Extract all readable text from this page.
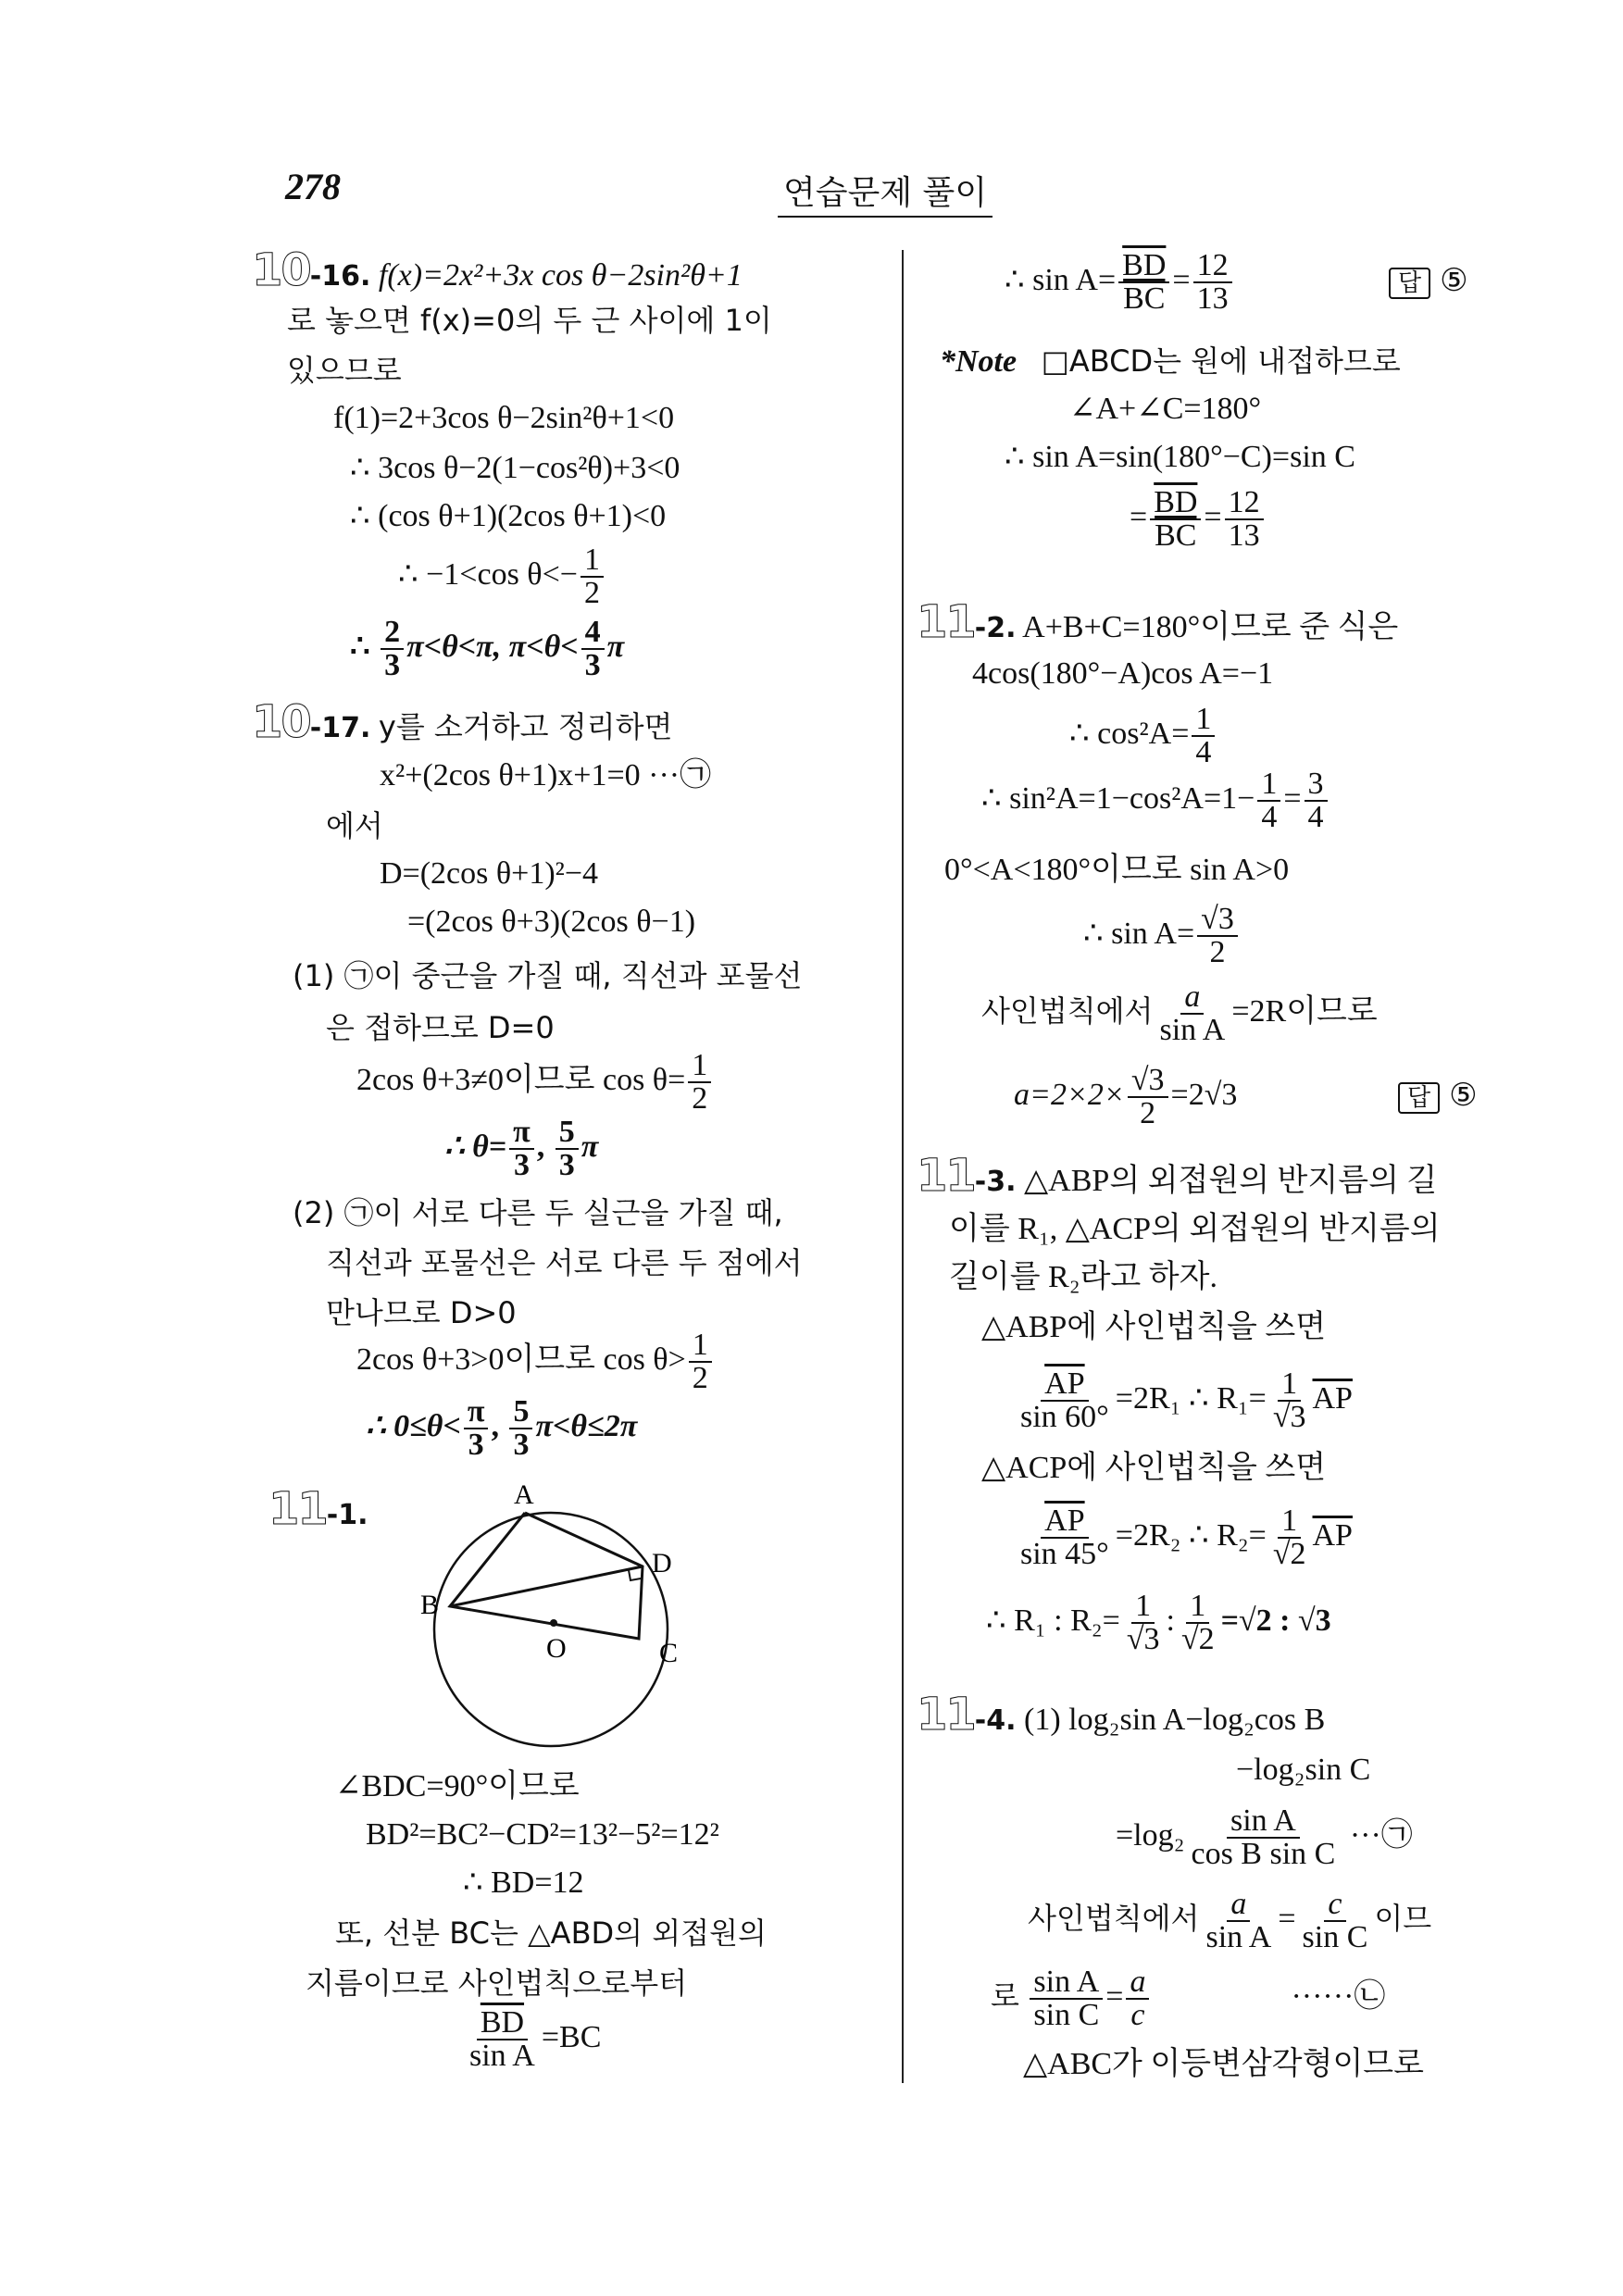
278	연습문제 풀이
10-16. f(x)=2x²+3x cos θ−2sin²θ+1
로 놓으면 f(x)=0의 두 근 사이에 1이
있으므로
f(1)=2+3cos θ−2sin²θ+1<0
∴ 3cos θ−2(1−cos²θ)+3<0
∴ (cos θ+1)(2cos θ+1)<0
∴ −1<cos $\theta<- \frac{1}{2}$
∴ $\frac{2}{3} \pi<\theta<\pi$, $\pi<\theta< \frac{4}{3}$ π
10-17. y를 소거하고 정리하면
x²+(2cos θ+1)x+1=0 ···㉠
에서
D=(2cos θ+1)²−4
=(2cos θ+3)(2cos θ−1)
(1) ㉠이 중근을 가질 때, 직선과 포물선
은 접하므로 D=0
2cos θ+3≠0이므로 $\cos \theta= \frac{1}{2}$
∴ $\theta= \frac{\pi}{3}$ , $\frac{5}{3}$ π
(2) ㉠이 서로 다른 두 실근을 가질 때,
직선과 포물선은 서로 다른 두 점에서
만나므로 D>0
2cos θ+3>0이므로 $\cos \theta> \frac{1}{2}$
∴ $0\le\theta< \frac{\pi}{3}$ , $\frac{5}{3} \pi<\theta\le 2\pi$
11-1.
A
B
O
D
C
∠BDC=90°이므로
BD²=BC²−CD²=13²−5²=12²
∴ BD=12
또, 선분 BC는 △ABD의 외접원의
지름이므로 사인법칙으로부터
$\frac{\overline{BD}}{\text{sin A}} =BC$
∴ $\sin A= \frac{\overline{BD}}{BC} = \frac{12}{13}$	답 ⑤
*Note □ABCD는 원에 내접하므로
∠A+∠C=180°
∴ sin A=sin(180°−C)=sin C
= $\frac{\overline{BD}}{BC} = \frac{12}{13}$
11-2. A+B+C=180°이므로 준 식은
4cos(180°−A)cos A=−1
∴ $\cos^2A= \frac{1}{4}$
∴ $\sin^2A=1-\cos^2A=1- \frac{1}{4} = \frac{3}{4}$
0°<A<180°이므로 sin A>0
∴ $\sin A= \frac{√3}{2}$
사인법칙에서 $\frac{a}{\text{sin A}} =2R$이므로
$a=2\times 2\times \frac{√3}{2} =2√3$	답 ⑤
11-3. △ABP의 외접원의 반지름의 길
이를 R₁, △ACP의 외접원의 반지름의
길이를 R₂라고 하자.
△ABP에 사인법칙을 쓰면
$\frac{\overline{AP}}{\sin 60^\circ} =2R_1$ ∴ $R_1= \frac{1}{√3} \overline{AP}$
△ACP에 사인법칙을 쓰면
$\frac{\overline{AP}}{\sin 45^\circ} =2R_2$ ∴ $R_2= \frac{1}{√2} \overline{AP}$
∴ R₁ : $R_2= \frac{1}{√3}$ : $\frac{1}{√2} =√2$ : √3
11-4. (1) log₂sin A−log₂cos B
−log₂sin C
$=\log_2 \frac{\text{sin A}}{\text{cos B sin C}}$ ···㉠
사인법칙에서 $\frac{a}{\text{sin A}} = \frac{c}{\text{sin C}}$ 이므
로 $\frac{\text{sin A}}{\text{sin C}} = \frac{a}{c}$	······㉡
△ABC가 이등변삼각형이므로
